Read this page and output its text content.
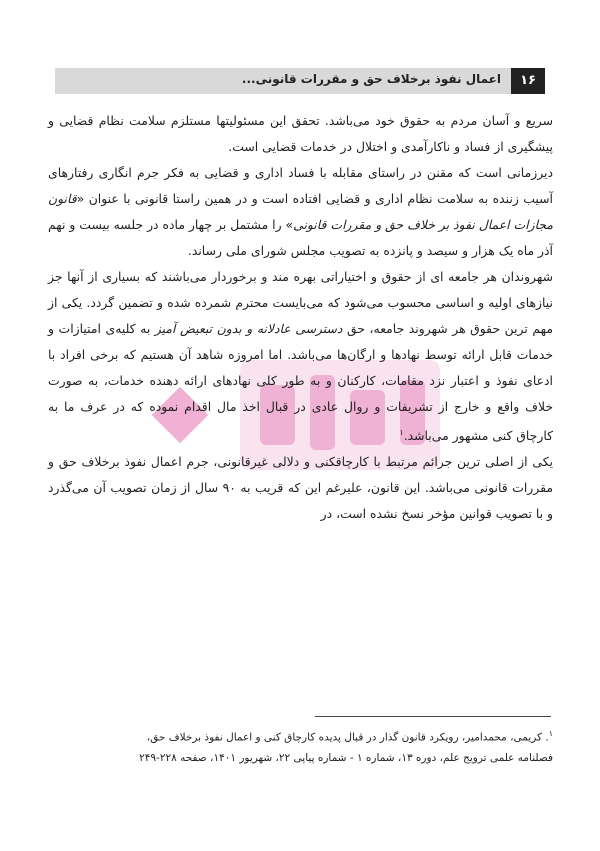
اعمال نفوذ برخلاف حق و مقررات قانونی...	۱۶

سریع و آسان مردم به حقوق خود می‌باشد. تحقق این مسئولیتها مستلزم سلامت نظام قضایی و پیشگیری از فساد و ناکارآمدی و اختلال در خدمات قضایی است.

دیرزمانی است که مقنن در راستای مقابله با فساد اداری و قضایی به فکر جرم انگاری رفتارهای آسیب زننده به سلامت نظام اداری و قضایی افتاده است و در همین راستا قانونی با عنوان «قانون مجازات اعمال نفوذ بر خلاف حق و مقررات قانونی» را مشتمل بر چهار ماده در جلسه بیست و نهم آذر ماه یک هزار و سیصد و پانزده به تصویب مجلس شورای ملی رساند.

شهروندان هر جامعه ای از حقوق و اختیاراتی بهره مند و برخوردار می‌باشند که بسیاری از آنها جز نیازهای اولیه و اساسی محسوب می‌شود که می‌بایست محترم شمرده شده و تضمین گردد. یکی از مهم ترین حقوق هر شهروند جامعه، حق دسترسی عادلانه و بدون تبعیض آمیز به کلیه‌ی امتیازات و خدمات قابل ارائه توسط نهادها و ارگان‌ها می‌باشد. اما امروزه شاهد آن هستیم که برخی افراد با ادعای نفوذ و اعتبار نزد مقامات، کارکنان و به طور کلی نهادهای ارائه دهنده خدمات، به صورت خلاف واقع و خارج از تشریفات و روال عادی در قبال اخذ مال اقدام نموده که در عرف ما به کارچاق کنی مشهور می‌باشد.$^۱$

یکی از اصلی ترین جرائم مرتبط با کارچاقکنی و دلالی غیرقانونی، جرم اعمال نفوذ برخلاف حق و مقررات قانونی می‌باشد. این قانون، علیرغم این که قریب به ۹۰ سال از زمان تصویب آن می‌گذرد و با تصویب قوانین مؤخر نسخ نشده است، در

$^۱$. کریمی، محمدامیر، رویکرد قانون گذار در قبال پدیده کارچاق کنی و اعمال نفوذ برخلاف حق،

فصلنامه علمی ترویج علم، دوره ۱۳، شماره ۱ - شماره پیاپی ۲۲، شهریور ۱۴۰۱، صفحه ۲۲۸-۲۴۹
